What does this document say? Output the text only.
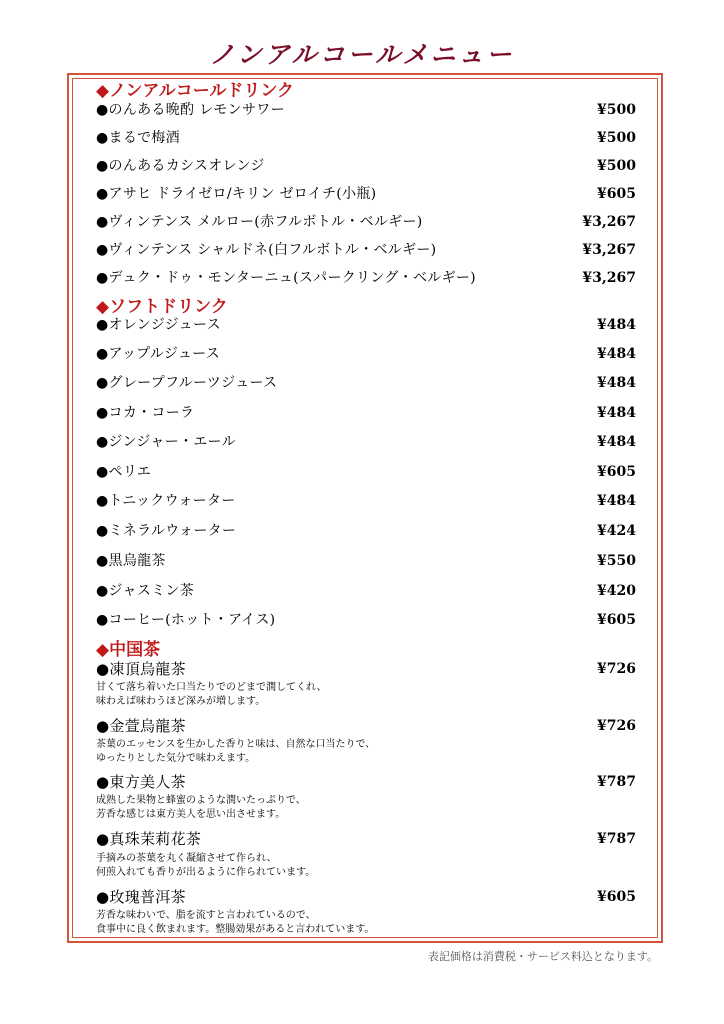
ノンアルコールメニュー
◆ノンアルコールドリンク
●のんある晩酌 レモンサワー	¥500
●まるで梅酒	¥500
●のんあるカシスオレンジ	¥500
●アサヒ ドライゼロ/キリン ゼロイチ(小瓶)	¥605
●ヴィンテンス メルロー(赤フルボトル・ベルギー)	¥3,267
●ヴィンテンス シャルドネ(白フルボトル・ベルギー)	¥3,267
●デュク・ドゥ・モンターニュ(スパークリング・ベルギー)	¥3,267
◆ソフトドリンク
●オレンジジュース	¥484
●アップルジュース	¥484
●グレープフルーツジュース	¥484
●コカ・コーラ	¥484
●ジンジャー・エール	¥484
●ペリエ	¥605
●トニックウォーター	¥484
●ミネラルウォーター	¥424
●黒烏龍茶	¥550
●ジャスミン茶	¥420
●コーヒー(ホット・アイス)	¥605
◆中国茶
●凍頂烏龍茶	¥726
甘くて落ち着いた口当たりでのどまで潤してくれ、
味わえば味わうほど深みが増します。
●金萱烏龍茶	¥726
茶葉のエッセンスを生かした香りと味は、自然な口当たりで、
ゆったりとした気分で味わえます。
●東方美人茶	¥787
成熟した果物と蜂蜜のような潤いたっぷりで、
芳香な感じは東方美人を思い出させます。
●真珠茉莉花茶	¥787
手摘みの茶葉を丸く凝縮させて作られ、
何煎入れても香りが出るように作られています。
●玫瑰普洱茶	¥605
芳香な味わいで、脂を流すと言われているので、
食事中に良く飲まれます。整腸効果があると言われています。
表記価格は消費税・サービス料込となります。
